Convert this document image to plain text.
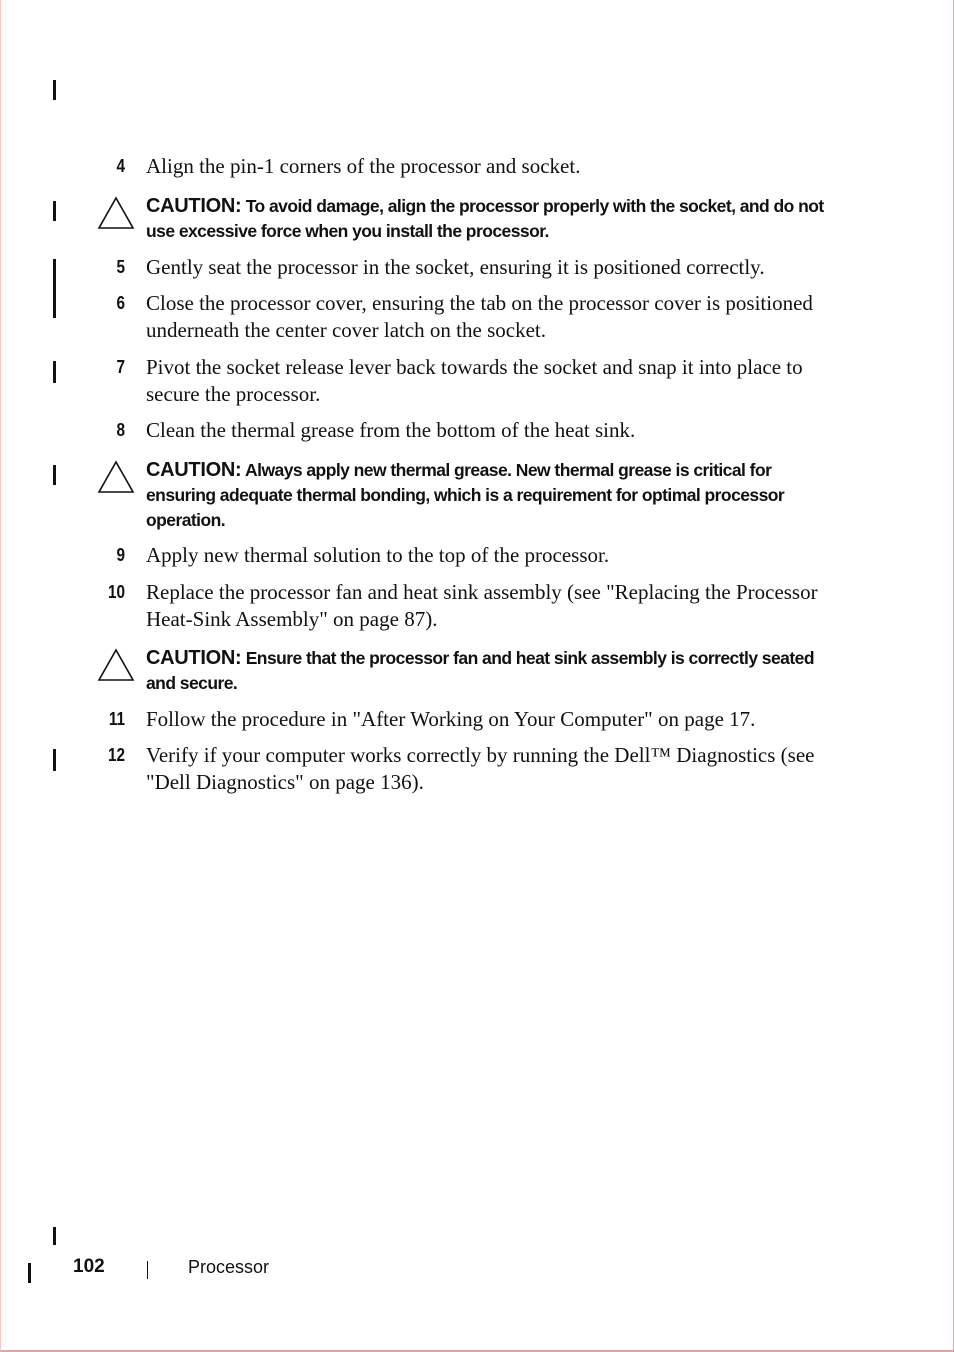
4 Align the pin-1 corners of the processor and socket.
CAUTION: To avoid damage, align the processor properly with the socket, and do not use excessive force when you install the processor.
5 Gently seat the processor in the socket, ensuring it is positioned correctly.
6 Close the processor cover, ensuring the tab on the processor cover is positioned underneath the center cover latch on the socket.
7 Pivot the socket release lever back towards the socket and snap it into place to secure the processor.
8 Clean the thermal grease from the bottom of the heat sink.
CAUTION: Always apply new thermal grease. New thermal grease is critical for ensuring adequate thermal bonding, which is a requirement for optimal processor operation.
9 Apply new thermal solution to the top of the processor.
10 Replace the processor fan and heat sink assembly (see "Replacing the Processor Heat-Sink Assembly" on page 87).
CAUTION: Ensure that the processor fan and heat sink assembly is correctly seated and secure.
11 Follow the procedure in "After Working on Your Computer" on page 17.
12 Verify if your computer works correctly by running the Dell™ Diagnostics (see "Dell Diagnostics" on page 136).
102	Processor
